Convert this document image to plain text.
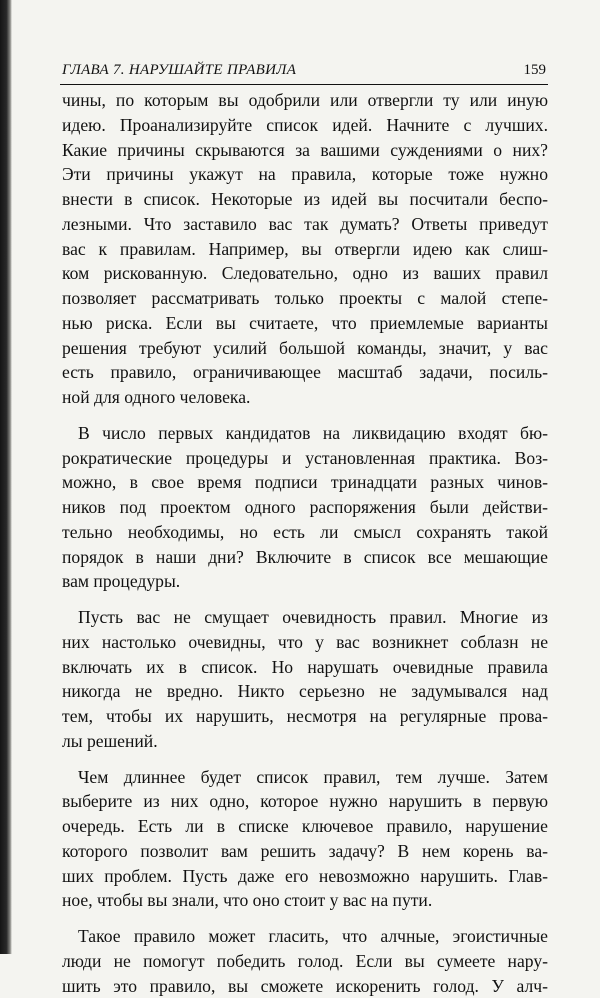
ГЛАВА 7. НАРУШАЙТЕ ПРАВИЛА	159
чины, по которым вы одобрили или отвергли ту или иную
идею. Проанализируйте список идей. Начните с лучших.
Какие причины скрываются за вашими суждениями о них?
Эти причины укажут на правила, которые тоже нужно
внести в список. Некоторые из идей вы посчитали беспо-
лезными. Что заставило вас так думать? Ответы приведут
вас к правилам. Например, вы отвергли идею как слиш-
ком рискованную. Следовательно, одно из ваших правил
позволяет рассматривать только проекты с малой степе-
нью риска. Если вы считаете, что приемлемые варианты
решения требуют усилий большой команды, значит, у вас
есть правило, ограничивающее масштаб задачи, посиль-
ной для одного человека.
В число первых кандидатов на ликвидацию входят бю-
рократические процедуры и установленная практика. Воз-
можно, в свое время подписи тринадцати разных чинов-
ников под проектом одного распоряжения были действи-
тельно необходимы, но есть ли смысл сохранять такой
порядок в наши дни? Включите в список все мешающие
вам процедуры.
Пусть вас не смущает очевидность правил. Многие из
них настолько очевидны, что у вас возникнет соблазн не
включать их в список. Но нарушать очевидные правила
никогда не вредно. Никто серьезно не задумывался над
тем, чтобы их нарушить, несмотря на регулярные прова-
лы решений.
Чем длиннее будет список правил, тем лучше. Затем
выберите из них одно, которое нужно нарушить в первую
очередь. Есть ли в списке ключевое правило, нарушение
которого позволит вам решить задачу? В нем корень ва-
ших проблем. Пусть даже его невозможно нарушить. Глав-
ное, чтобы вы знали, что оно стоит у вас на пути.
Такое правило может гласить, что алчные, эгоистичные
люди не помогут победить голод. Если вы сумеете нару-
шить это правило, вы сможете искоренить голод. У алч-
